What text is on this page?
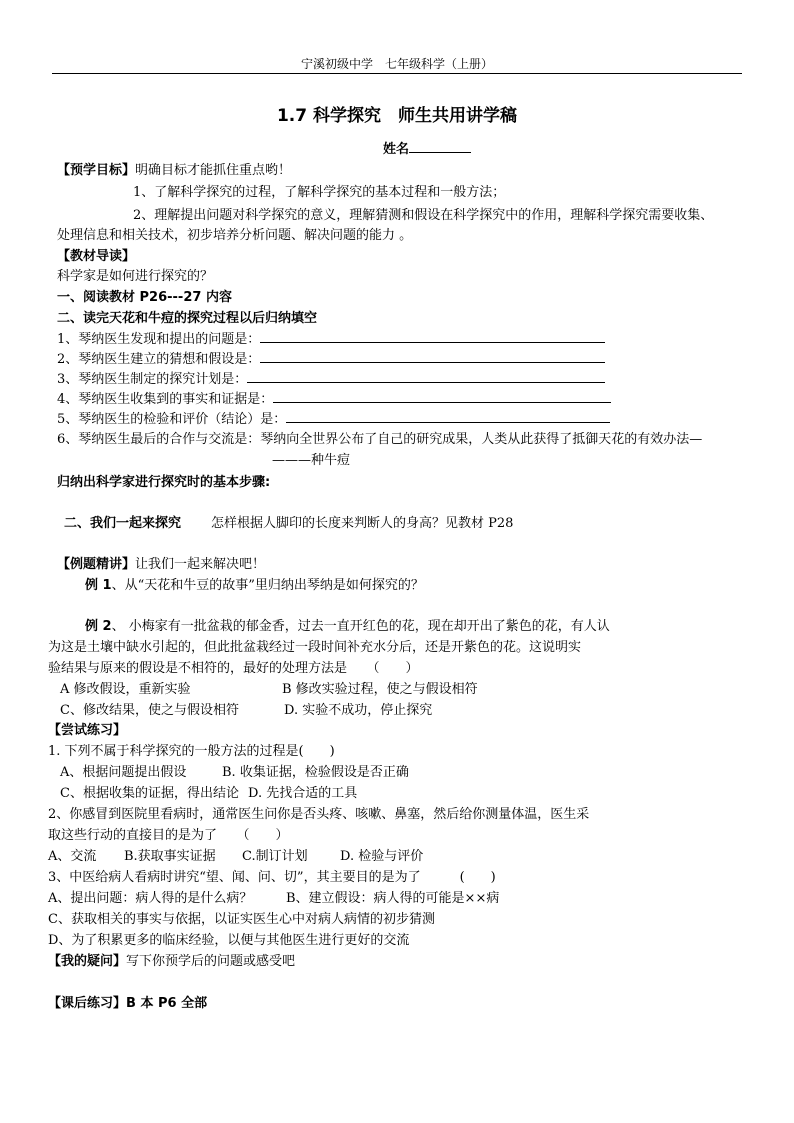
宁溪初级中学　七年级科学（上册）
1.7 科学探究　师生共用讲学稿
姓名
【预学目标】明确目标才能抓住重点哟！
1、了解科学探究的过程，了解科学探究的基本过程和一般方法；
2、理解提出问题对科学探究的意义，理解猜测和假设在科学探究中的作用，理解科学探究需要收集、
处理信息和相关技术，初步培养分析问题、解决问题的能力 。
【教材导读】
科学家是如何进行探究的？
一、阅读教材 P26---27 内容
二、读完天花和牛痘的探究过程以后归纳填空
1、琴纳医生发现和提出的问题是：
2、琴纳医生建立的猜想和假设是：
3、琴纳医生制定的探究计划是：
4、琴纳医生收集到的事实和证据是：
5、琴纳医生的检验和评价（结论）是：
6、琴纳医生最后的合作与交流是：琴纳向全世界公布了自己的研究成果，人类从此获得了抵御天花的有效办法—
———种牛痘
归纳出科学家进行探究时的基本步骤:
二、我们一起来探究 怎样根据人脚印的长度来判断人的身高？见教材 P28
【例题精讲】让我们一起来解决吧！
例 1、从“天花和牛豆的故事”里归纳出琴纳是如何探究的？
例 2、 小梅家有一批盆栽的郁金香，过去一直开红色的花，现在却开出了紫色的花，有人认
为这是土壤中缺水引起的，但此批盆栽经过一段时间补充水分后，还是开紫色的花。这说明实
验结果与原来的假设是不相符的，最好的处理方法是　　（　　）
A 修改假设，重新实验	B 修改实验过程，使之与假设相符
C、修改结果，使之与假设相符	D. 实验不成功，停止探究
【尝试练习】
1. 下列不属于科学探究的一般方法的过程是(　　)
A、根据问题提出假设	B. 收集证据，检验假设是否正确
C、根据收集的证据，得出结论 D. 先找合适的工具
2、你感冒到医院里看病时，通常医生问你是否头疼、咳嗽、鼻塞，然后给你测量体温，医生采
取这些行动的直接目的是为了　　（　　）
A、交流 B.获取事实证据 C.制订计划 D. 检验与评价
3、中医给病人看病时讲究“望、闻、问、切”，其主要目的是为了　　　(　　)
A、提出问题：病人得的是什么病？	B、建立假设：病人得的可能是××病
C、获取相关的事实与依据，以证实医生心中对病人病情的初步猜测
D、为了积累更多的临床经验，以便与其他医生进行更好的交流
【我的疑问】写下你预学后的问题或感受吧
【课后练习】B 本 P6 全部
